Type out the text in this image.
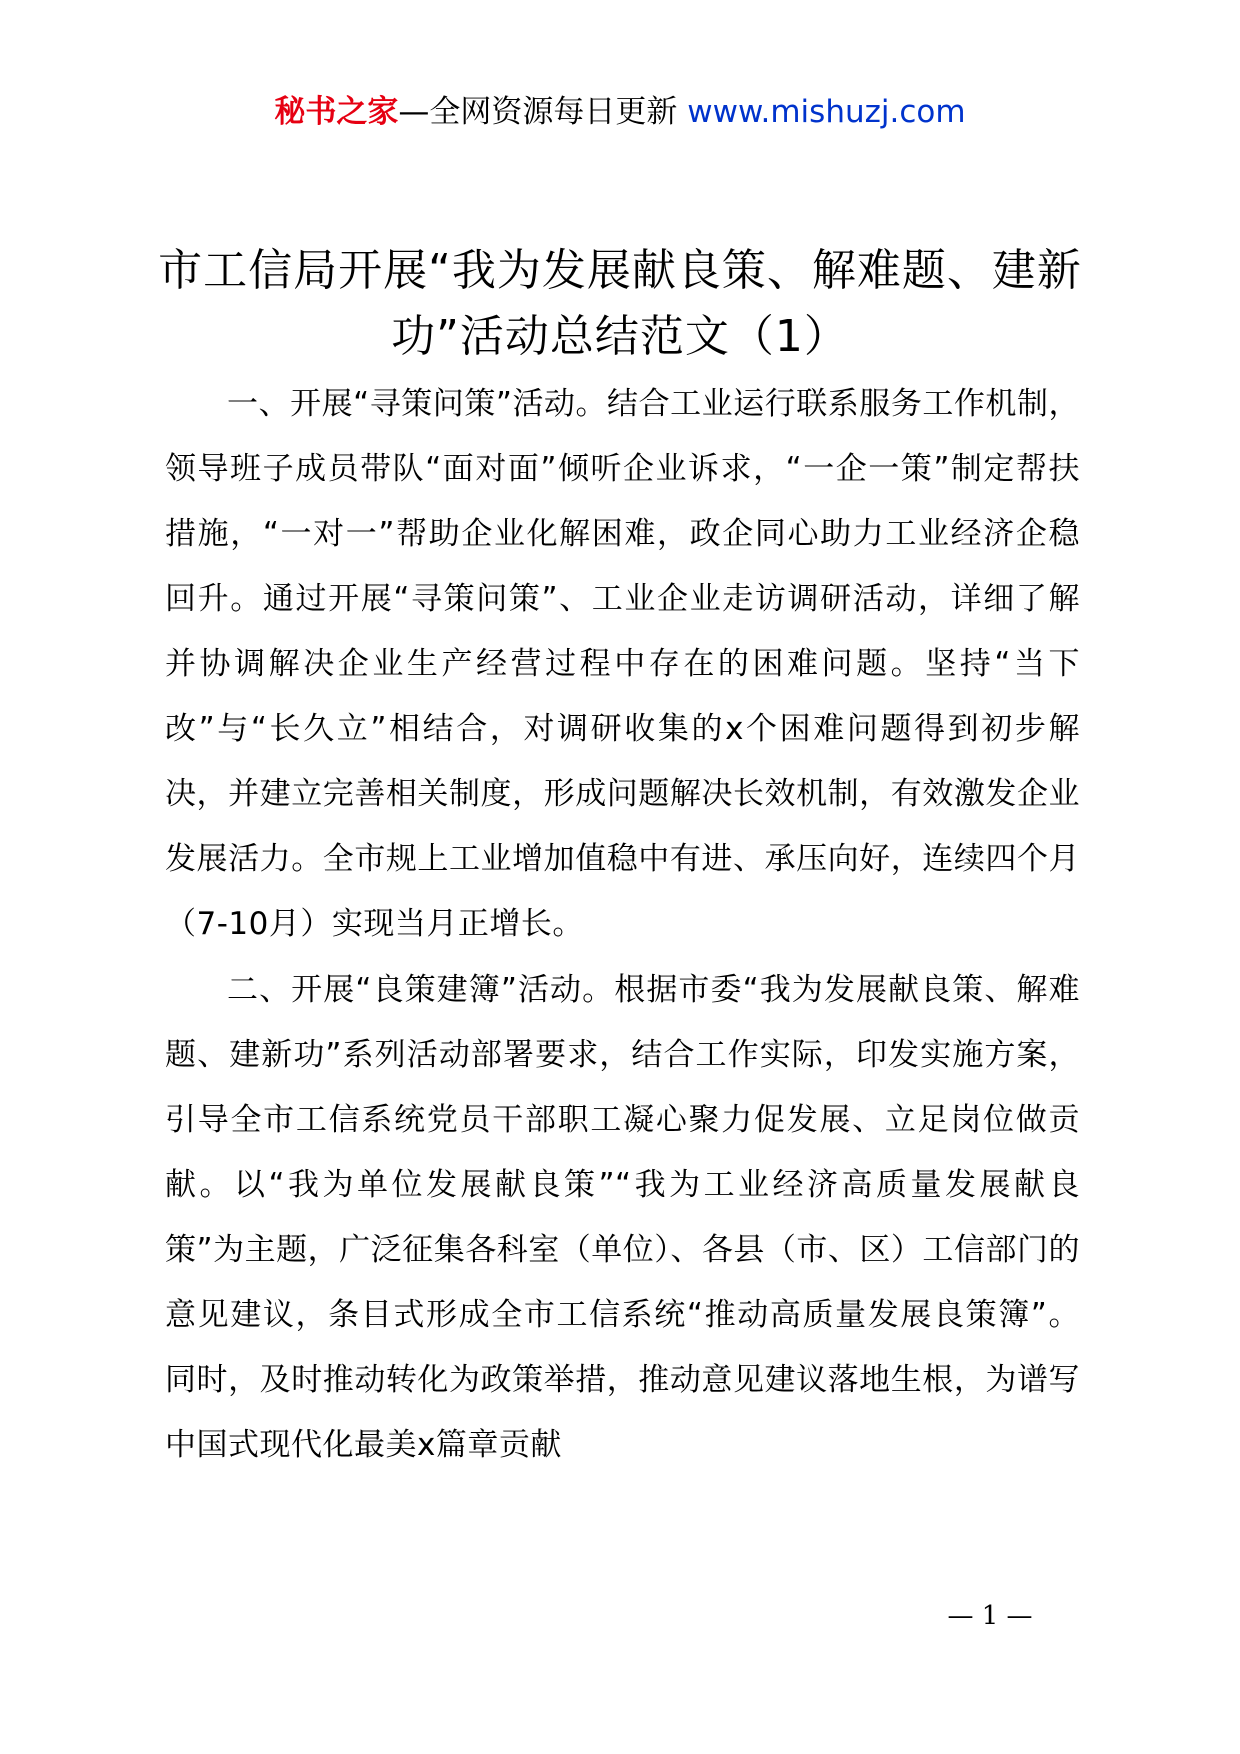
秘书之家—全网资源每日更新 www.mishuzj.com
市工信局开展“我为发展献良策、解难题、建新功”活动总结范文（1）

一、开展“寻策问策”活动。结合工业运行联系服务工作机制，领导班子成员带队“面对面”倾听企业诉求，“一企一策”制定帮扶措施，“一对一”帮助企业化解困难，政企同心助力工业经济企稳回升。通过开展“寻策问策”、工业企业走访调研活动，详细了解并协调解决企业生产经营过程中存在的困难问题。坚持“当下改”与“长久立”相结合，对调研收集的x个困难问题得到初步解决，并建立完善相关制度，形成问题解决长效机制，有效激发企业发展活力。全市规上工业增加值稳中有进、承压向好，连续四个月（7-10月）实现当月正增长。

二、开展“良策建簿”活动。根据市委“我为发展献良策、解难题、建新功”系列活动部署要求，结合工作实际，印发实施方案，引导全市工信系统党员干部职工凝心聚力促发展、立足岗位做贡献。以“我为单位发展献良策”“我为工业经济高质量发展献良策”为主题，广泛征集各科室（单位）、各县（市、区）工信部门的意见建议，条目式形成全市工信系统“推动高质量发展良策簿”。同时，及时推动转化为政策举措，推动意见建议落地生根，为谱写中国式现代化最美x篇章贡献

— 1 —
